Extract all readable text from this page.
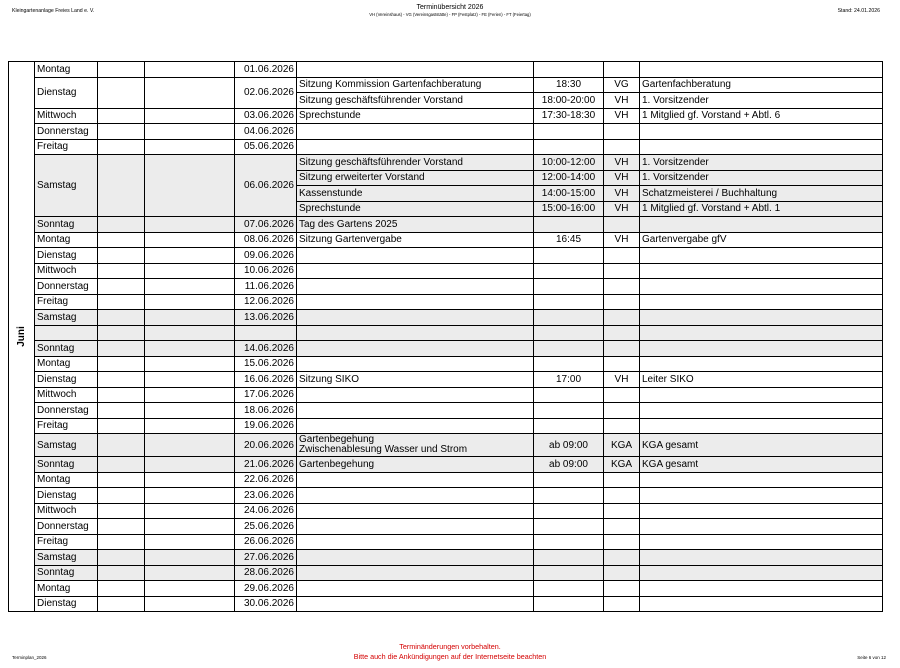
Kleingartenanlage Freies Land e. V.	Terminübersicht 2026
VH (Vereinshaus) - VG (Vereinsgaststätte) - FP (Festplatz) - FE (Ferien) - FT (Feiertag)
Stand: 24.01.2026
Juni	Montag			01.06.2026				
	Dienstag			02.06.2026	Sitzung Kommission Gartenfachberatung	18:30	VG	Gartenfachberatung
					Sitzung geschäftsführender Vorstand	18:00-20:00	VH	1. Vorsitzender
	Mittwoch			03.06.2026	Sprechstunde	17:30-18:30	VH	1 Mitglied gf. Vorstand + Abtl. 6
	Donnerstag			04.06.2026				
	Freitag			05.06.2026				
	Samstag			06.06.2026	Sitzung geschäftsführender Vorstand	10:00-12:00	VH	1. Vorsitzender
					Sitzung erweiterter Vorstand	12:00-14:00	VH	1. Vorsitzender
					Kassenstunde	14:00-15:00	VH	Schatzmeisterei / Buchhaltung
					Sprechstunde	15:00-16:00	VH	1 Mitglied gf. Vorstand + Abtl. 1
	Sonntag			07.06.2026	Tag des Gartens 2025			
	Montag			08.06.2026	Sitzung Gartenvergabe	16:45	VH	Gartenvergabe gfV
	Dienstag			09.06.2026				
	Mittwoch			10.06.2026				
	Donnerstag			11.06.2026				
	Freitag			12.06.2026				
	Samstag			13.06.2026				

	Sonntag			14.06.2026				
	Montag			15.06.2026				
	Dienstag			16.06.2026	Sitzung SIKO	17:00	VH	Leiter SIKO
	Mittwoch			17.06.2026				
	Donnerstag			18.06.2026				
	Freitag			19.06.2026				
	Samstag			20.06.2026	Gartenbegehung
Zwischenablesung Wasser und Strom	ab 09:00	KGA	KGA gesamt
	Sonntag			21.06.2026	Gartenbegehung	ab 09:00	KGA	KGA gesamt
	Montag			22.06.2026				
	Dienstag			23.06.2026				
	Mittwoch			24.06.2026				
	Donnerstag			25.06.2026				
	Freitag			26.06.2026				
	Samstag			27.06.2026				
	Sonntag			28.06.2026				
	Montag			29.06.2026				
	Dienstag			30.06.2026				
Terminplan_2026
Terminänderungen vorbehalten.
Bitte auch die Ankündigungen auf der Internetseite beachten	Seite 6 von 12
